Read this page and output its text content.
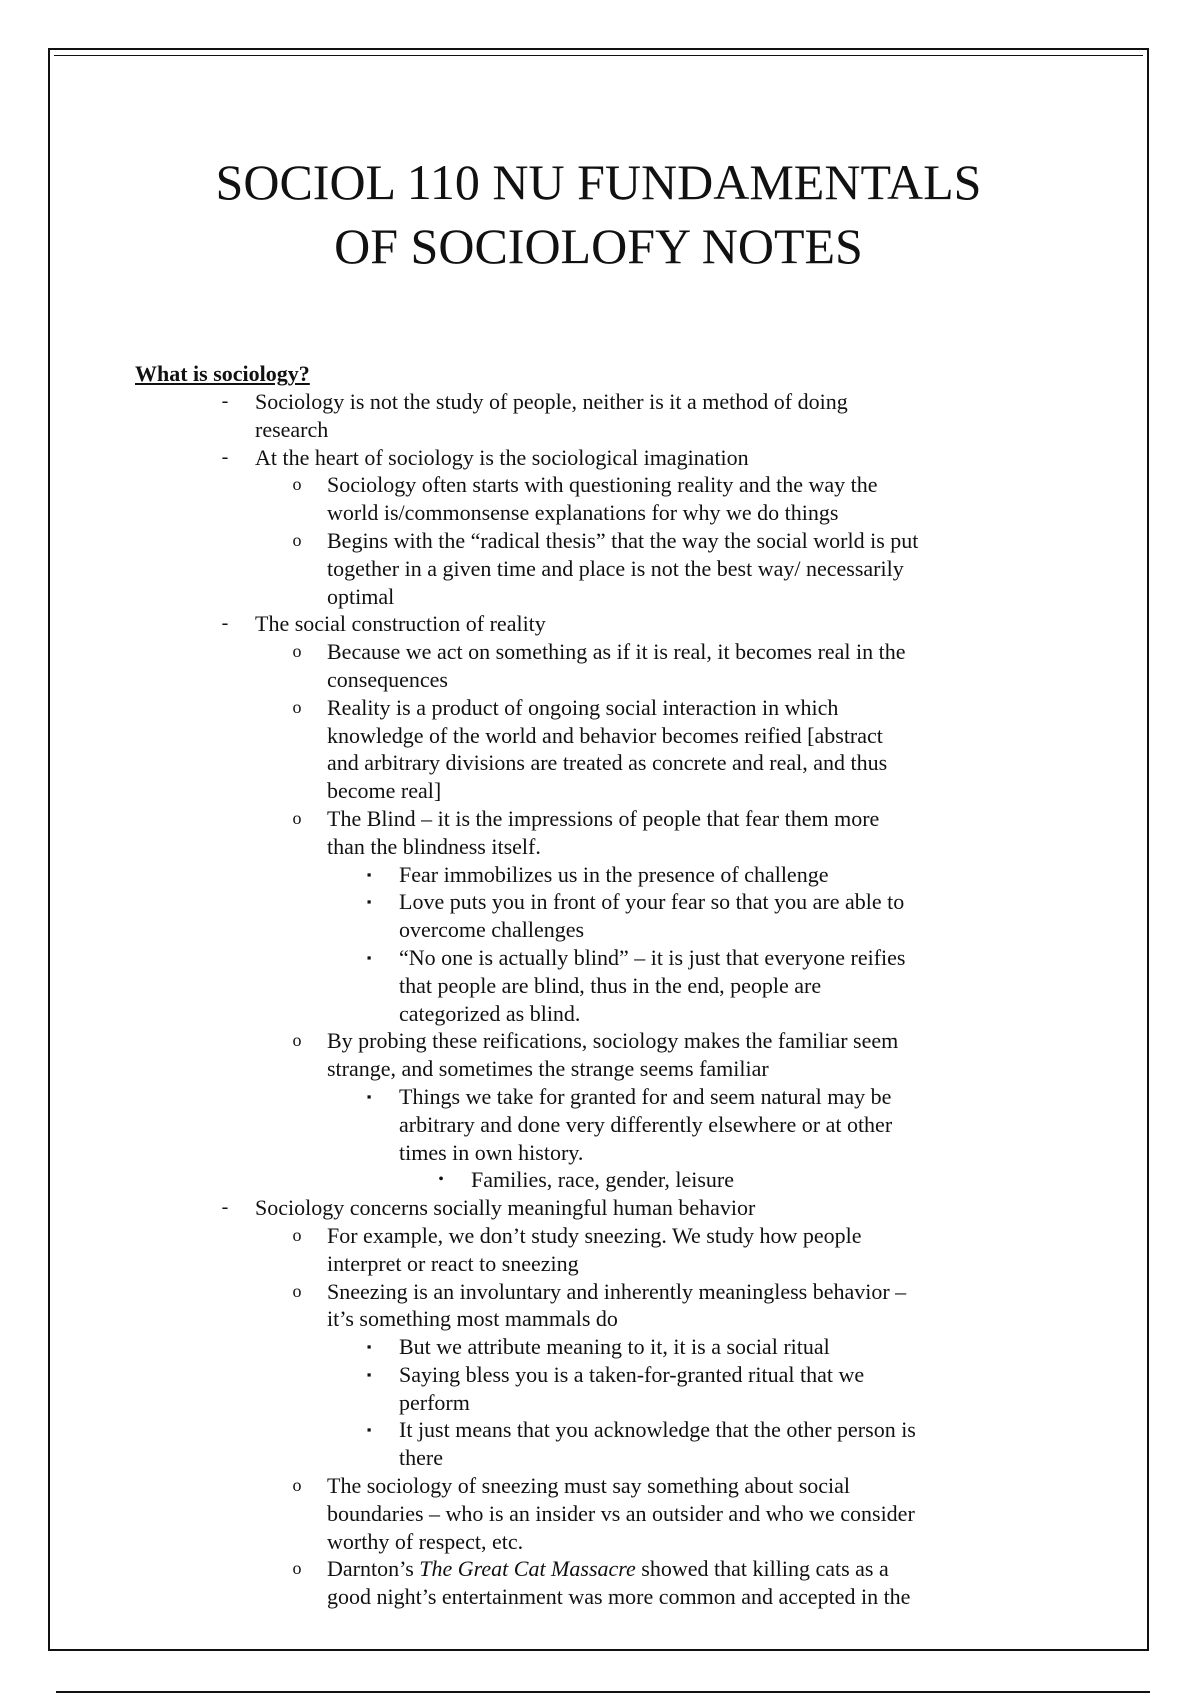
SOCIOL 110 NU FUNDAMENTALS
OF SOCIOLOFY NOTES
What is sociology?
-	Sociology is not the study of people, neither is it a method of doing
research
-	At the heart of sociology is the sociological imagination
o Sociology often starts with questioning reality and the way the
world is/commonsense explanations for why we do things
o Begins with the “radical thesis” that the way the social world is put
together in a given time and place is not the best way/ necessarily
optimal
-	The social construction of reality
o Because we act on something as if it is real, it becomes real in the
consequences
o Reality is a product of ongoing social interaction in which
knowledge of the world and behavior becomes reified [abstract
and arbitrary divisions are treated as concrete and real, and thus
become real]
o The Blind – it is the impressions of people that fear them more
than the blindness itself.
▪	Fear immobilizes us in the presence of challenge
▪	Love puts you in front of your fear so that you are able to
overcome challenges
▪	“No one is actually blind” – it is just that everyone reifies
that people are blind, thus in the end, people are
categorized as blind.
o By probing these reifications, sociology makes the familiar seem
strange, and sometimes the strange seems familiar
▪	Things we take for granted for and seem natural may be
arbitrary and done very differently elsewhere or at other
times in own history.
•	Families, race, gender, leisure
-	Sociology concerns socially meaningful human behavior
o For example, we don’t study sneezing. We study how people
interpret or react to sneezing
o Sneezing is an involuntary and inherently meaningless behavior –
it’s something most mammals do
▪	But we attribute meaning to it, it is a social ritual
▪	Saying bless you is a taken-for-granted ritual that we
perform
▪	It just means that you acknowledge that the other person is
there
o The sociology of sneezing must say something about social
boundaries – who is an insider vs an outsider and who we consider
worthy of respect, etc.
o Darnton’s The Great Cat Massacre showed that killing cats as a
good night’s entertainment was more common and accepted in the
